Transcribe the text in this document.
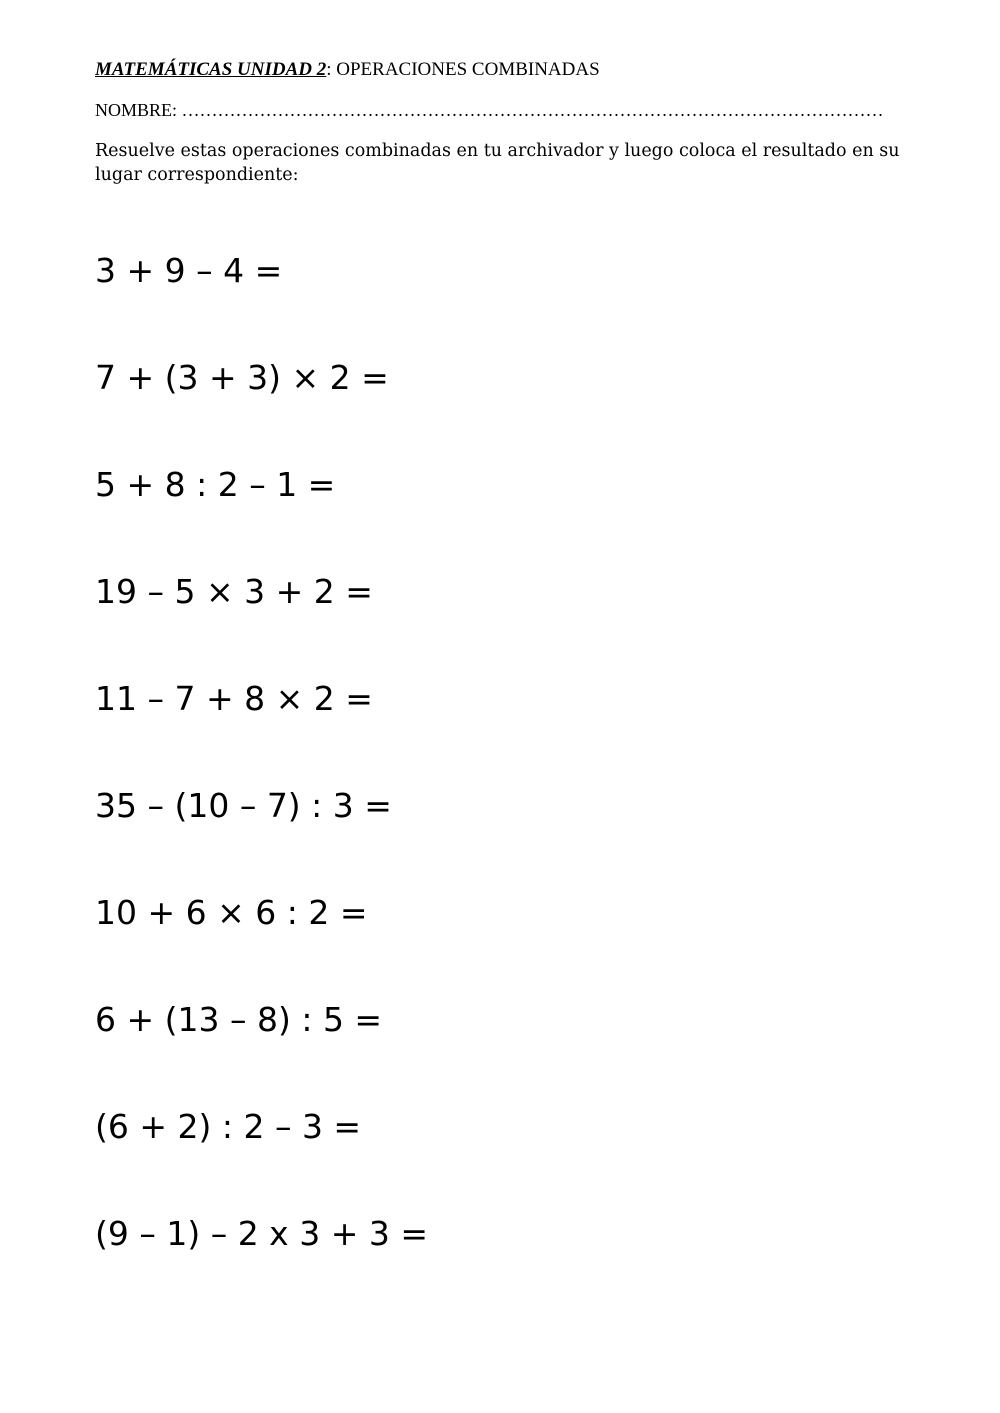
MATEMÁTICAS UNIDAD 2: OPERACIONES COMBINADAS
NOMBRE: ………………………………………………………………………………………………………
Resuelve estas operaciones combinadas en tu archivador y luego coloca el resultado en su lugar correspondiente:
3 + 9 – 4 =
7 + (3 + 3) × 2 =
5 + 8 : 2 – 1 =
19 – 5 × 3 + 2 =
11 – 7 + 8 × 2 =
35 – (10 – 7) : 3 =
10 + 6 × 6 : 2 =
6 + (13 – 8) : 5 =
(6 + 2) : 2 – 3 =
(9 – 1) – 2 x 3 + 3 =
